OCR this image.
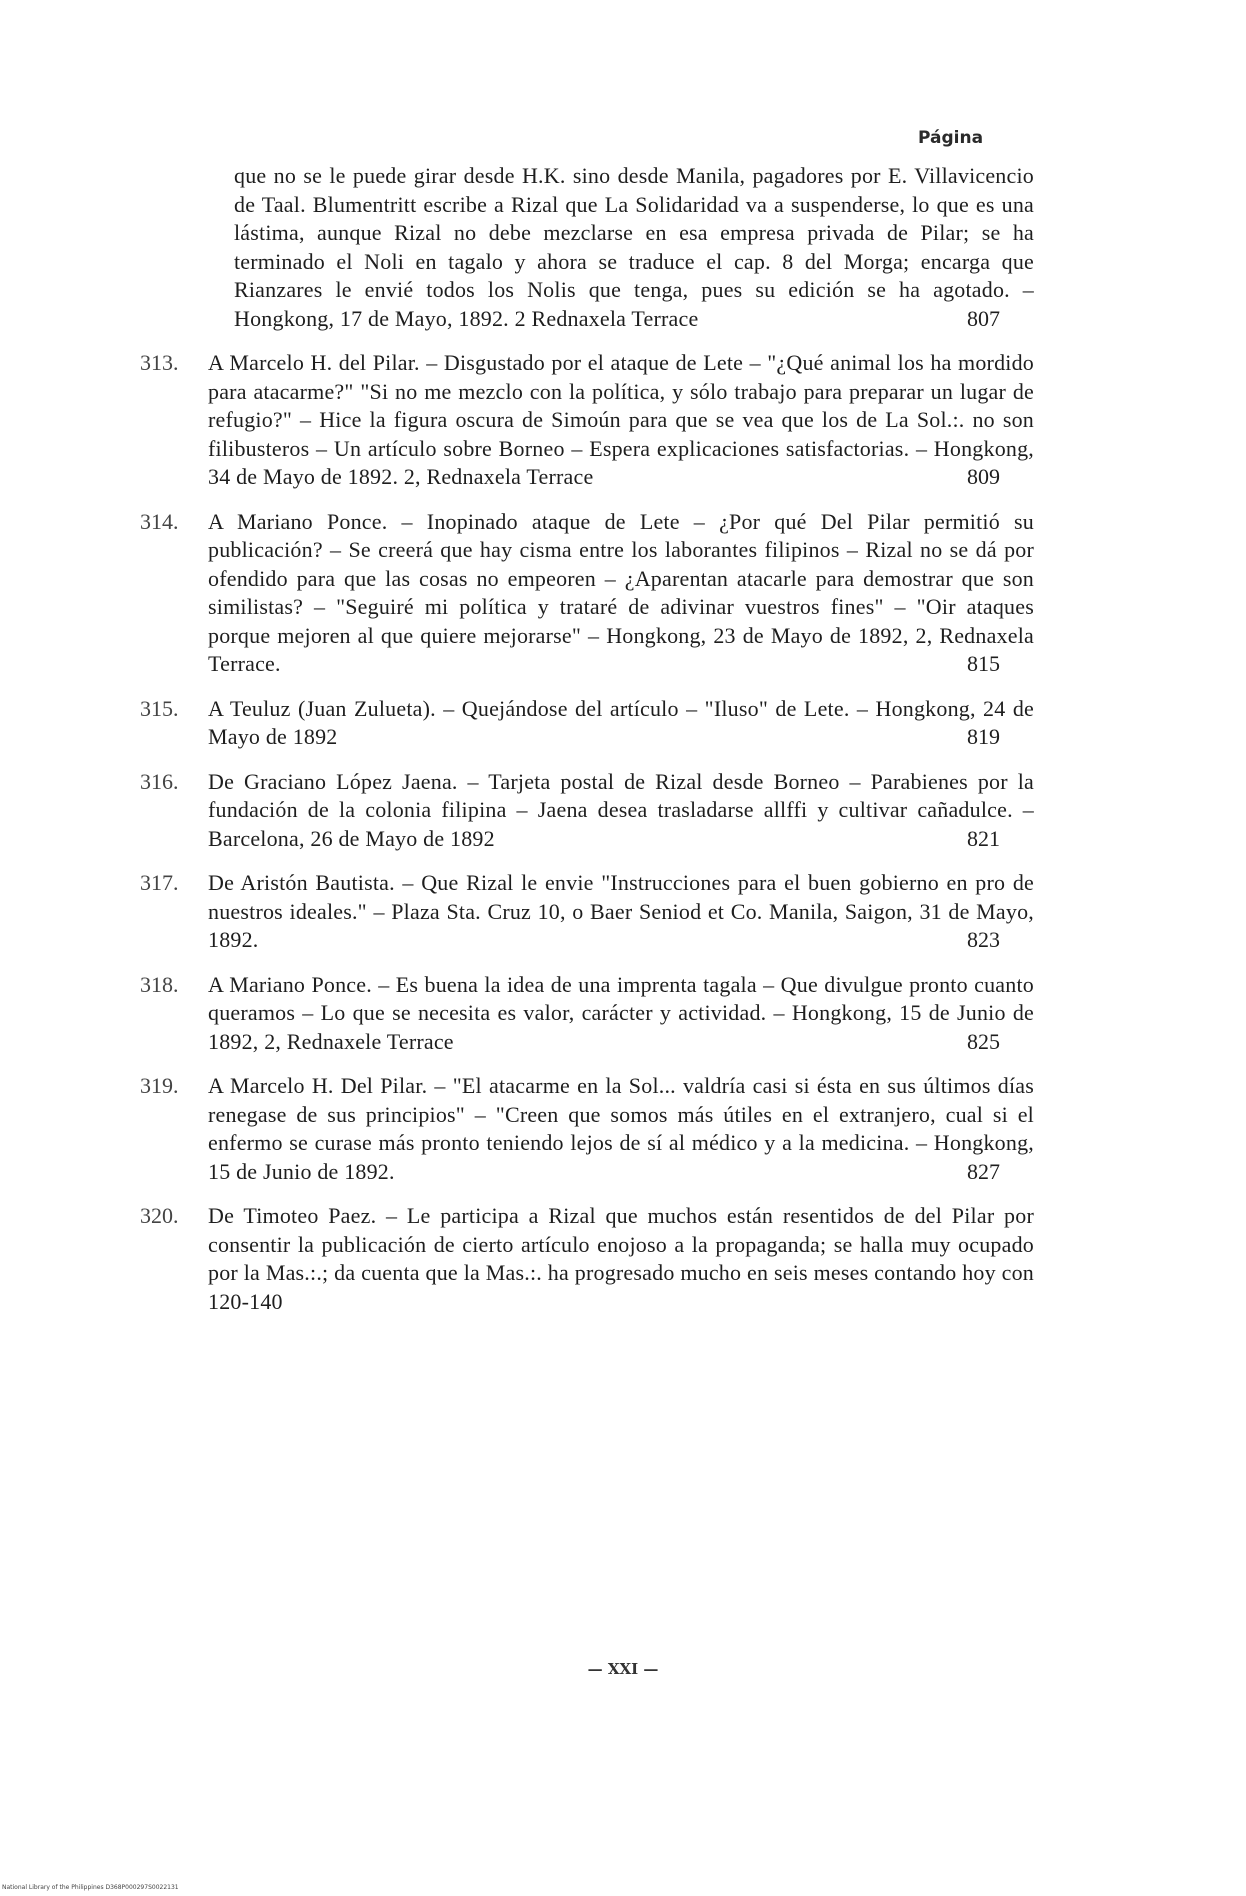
Página
que no se le puede girar desde H.K. sino desde Manila, pagadores por E. Villavicencio de Taal. Blumentritt escribe a Rizal que La Solidaridad va a suspenderse, lo que es una lástima, aunque Rizal no debe mezclarse en esa empresa privada de Pilar; se ha terminado el Noli en tagalo y ahora se traduce el cap. 8 del Morga; encarga que Rianzares le envié todos los Nolis que tenga, pues su edición se ha agotado. – Hongkong, 17 de Mayo, 1892. 2 Rednaxela Terrace	807
313.	A Marcelo H. del Pilar. – Disgustado por el ataque de Lete – "¿Qué animal los ha mordido para atacarme?" "Si no me mezclo con la política, y sólo trabajo para preparar un lugar de refugio?" – Hice la figura oscura de Simoún para que se vea que los de La Sol.:. no son filibusteros – Un artículo sobre Borneo – Espera explicaciones satisfactorias. – Hongkong, 34 de Mayo de 1892. 2, Rednaxela Terrace	809
314.	A Mariano Ponce. – Inopinado ataque de Lete – ¿Por qué Del Pilar permitió su publicación? – Se creerá que hay cisma entre los laborantes filipinos – Rizal no se dá por ofendido para que las cosas no empeoren – ¿Aparentan atacarle para demostrar que son similistas? – "Seguiré mi política y trataré de adivinar vuestros fines" – "Oir ataques porque mejoren al que quiere mejorarse" – Hongkong, 23 de Mayo de 1892, 2, Rednaxela Terrace.	815
315.	A Teuluz (Juan Zulueta). – Quejándose del artículo – "Iluso" de Lete. – Hongkong, 24 de Mayo de 1892	819
316.	De Graciano López Jaena. – Tarjeta postal de Rizal desde Borneo – Parabienes por la fundación de la colonia filipina – Jaena desea trasladarse allffi y cultivar cañadulce. – Barcelona, 26 de Mayo de 1892	821
317.	De Aristón Bautista. – Que Rizal le envie "Instrucciones para el buen gobierno en pro de nuestros ideales." – Plaza Sta. Cruz 10, o Baer Seniod et Co. Manila, Saigon, 31 de Mayo, 1892.	823
318.	A Mariano Ponce. – Es buena la idea de una imprenta tagala – Que divulgue pronto cuanto queramos – Lo que se necesita es valor, carácter y actividad. – Hongkong, 15 de Junio de 1892, 2, Rednaxele Terrace	825
319.	A Marcelo H. Del Pilar. – "El atacarme en la Sol... valdría casi si ésta en sus últimos días renegase de sus principios" – "Creen que somos más útiles en el extranjero, cual si el enfermo se curase más pronto teniendo lejos de sí al médico y a la medicina. – Hongkong, 15 de Junio de 1892.	827
320.	De Timoteo Paez. – Le participa a Rizal que muchos están resentidos de del Pilar por consentir la publicación de cierto artículo enojoso a la propaganda; se halla muy ocupado por la Mas.:.; da cuenta que la Mas.:. ha progresado mucho en seis meses contando hoy con 120-140
— XXI —
National Library of the Philippines D368P000297S0022131
